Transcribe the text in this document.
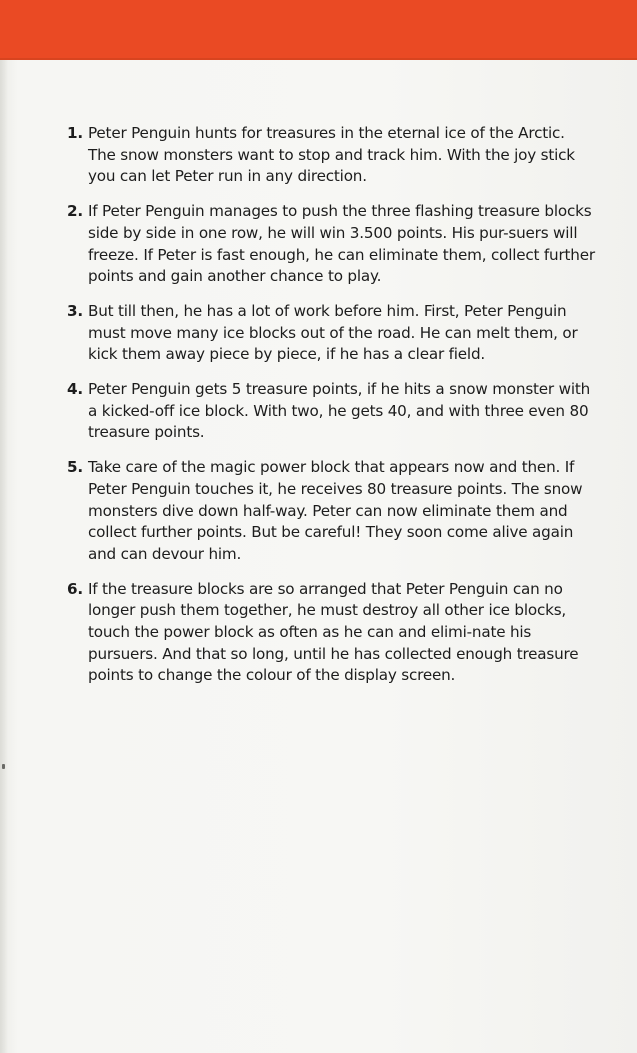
1. Peter Penguin hunts for treasures in the eternal ice of the Arctic. The snow monsters want to stop and track him. With the joy stick you can let Peter run in any direction.
2. If Peter Penguin manages to push the three flashing treasure blocks side by side in one row, he will win 3.500 points. His pur-suers will freeze. If Peter is fast enough, he can eliminate them, collect further points and gain another chance to play.
3. But till then, he has a lot of work before him. First, Peter Penguin must move many ice blocks out of the road. He can melt them, or kick them away piece by piece, if he has a clear field.
4. Peter Penguin gets 5 treasure points, if he hits a snow monster with a kicked-off ice block. With two, he gets 40, and with three even 80 treasure points.
5. Take care of the magic power block that appears now and then. If Peter Penguin touches it, he receives 80 treasure points. The snow monsters dive down half-way. Peter can now eliminate them and collect further points. But be careful! They soon come alive again and can devour him.
6. If the treasure blocks are so arranged that Peter Penguin can no longer push them together, he must destroy all other ice blocks, touch the power block as often as he can and elimi-nate his pursuers. And that so long, until he has collected enough treasure points to change the colour of the display screen.
